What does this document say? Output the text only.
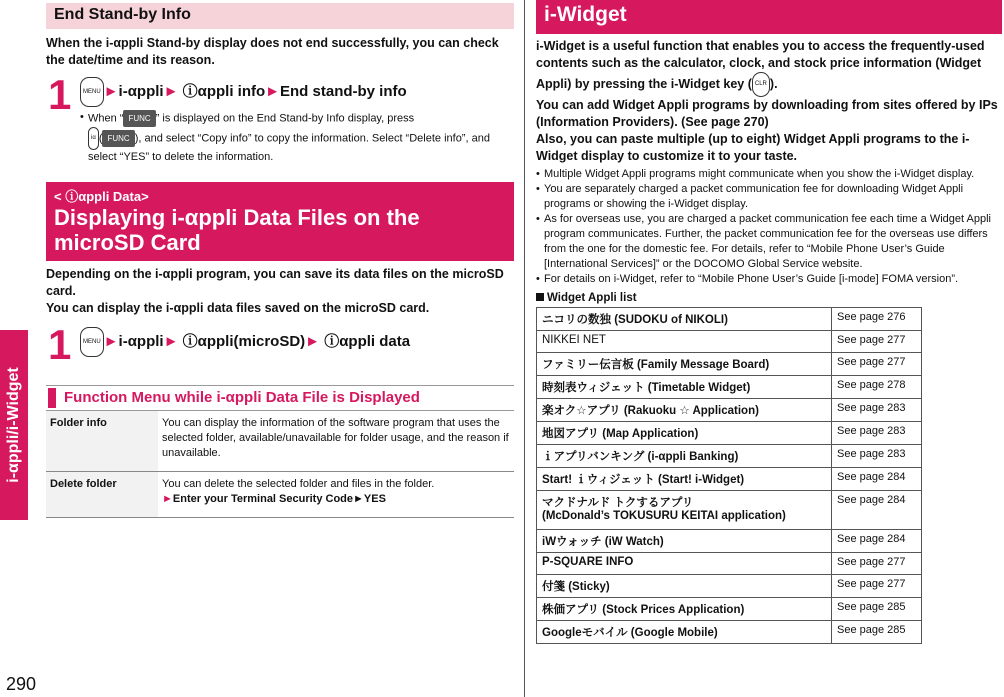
i-αppli/i-Widget
290
End Stand-by Info
When the i-αppli Stand-by display does not end successfully, you can check the date/time and its reason.
1	MENU ►i-αppli► ⓘαppli info►End stand-by info
• When “ FUNC ” is displayed on the End Stand-by Info display, press
iα ( FUNC ), and select “Copy info” to copy the information. Select “Delete info”, and select “YES” to delete the information.
< ⓘαppli Data>
Displaying i-αppli Data Files on the microSD Card
Depending on the i-αppli program, you can save its data files on the microSD card.
You can display the i-αppli data files saved on the microSD card.
1	MENU ►i-αppli► ⓘαppli(microSD)► ⓘαppli data
Function Menu while i-αppli Data File is Displayed
Folder info	You can display the information of the software program that uses the selected folder, available/unavailable for folder usage, and the reason if unavailable.
Delete folder	You can delete the selected folder and files in the folder.
►Enter your Terminal Security Code►YES
i-Widget
i-Widget is a useful function that enables you to access the frequently-used contents such as the calculator, clock, and stock price information (Widget Appli) by pressing the i-Widget key ( CLR ).
You can add Widget Appli programs by downloading from sites offered by IPs (Information Providers). (See page 270)
Also, you can paste multiple (up to eight) Widget Appli programs to the i-Widget display to customize it to your taste.
• Multiple Widget Appli programs might communicate when you show the i-Widget display.
• You are separately charged a packet communication fee for downloading Widget Appli programs or showing the i-Widget display.
• As for overseas use, you are charged a packet communication fee each time a Widget Appli program communicates. Further, the packet communication fee for the overseas use differs from the one for the domestic fee. For details, refer to “Mobile Phone User’s Guide [International Services]” or the DOCOMO Global Service website.
• For details on i-Widget, refer to “Mobile Phone User’s Guide [i-mode] FOMA version”.
Widget Appli list
ニコリの数独 (SUDOKU of NIKOLI)	See page 276
NIKKEI NET	See page 277
ファミリー伝言板 (Family Message Board)	See page 277
時刻表ウィジェット (Timetable Widget)	See page 278
楽オク☆アプリ (Rakuoku ☆ Application)	See page 283
地図アプリ (Map Application)	See page 283
ｉアプリバンキング (i-αppli Banking)	See page 283
Start! ｉウィジェット (Start! i-Widget)	See page 284
マクドナルド トクするアプリ
(McDonald’s TOKUSURU KEITAI application)	See page 284
iWウォッチ (iW Watch)	See page 284
P-SQUARE INFO	See page 277
付箋 (Sticky)	See page 277
株価アプリ (Stock Prices Application)	See page 285
Googleモバイル (Google Mobile)	See page 285
